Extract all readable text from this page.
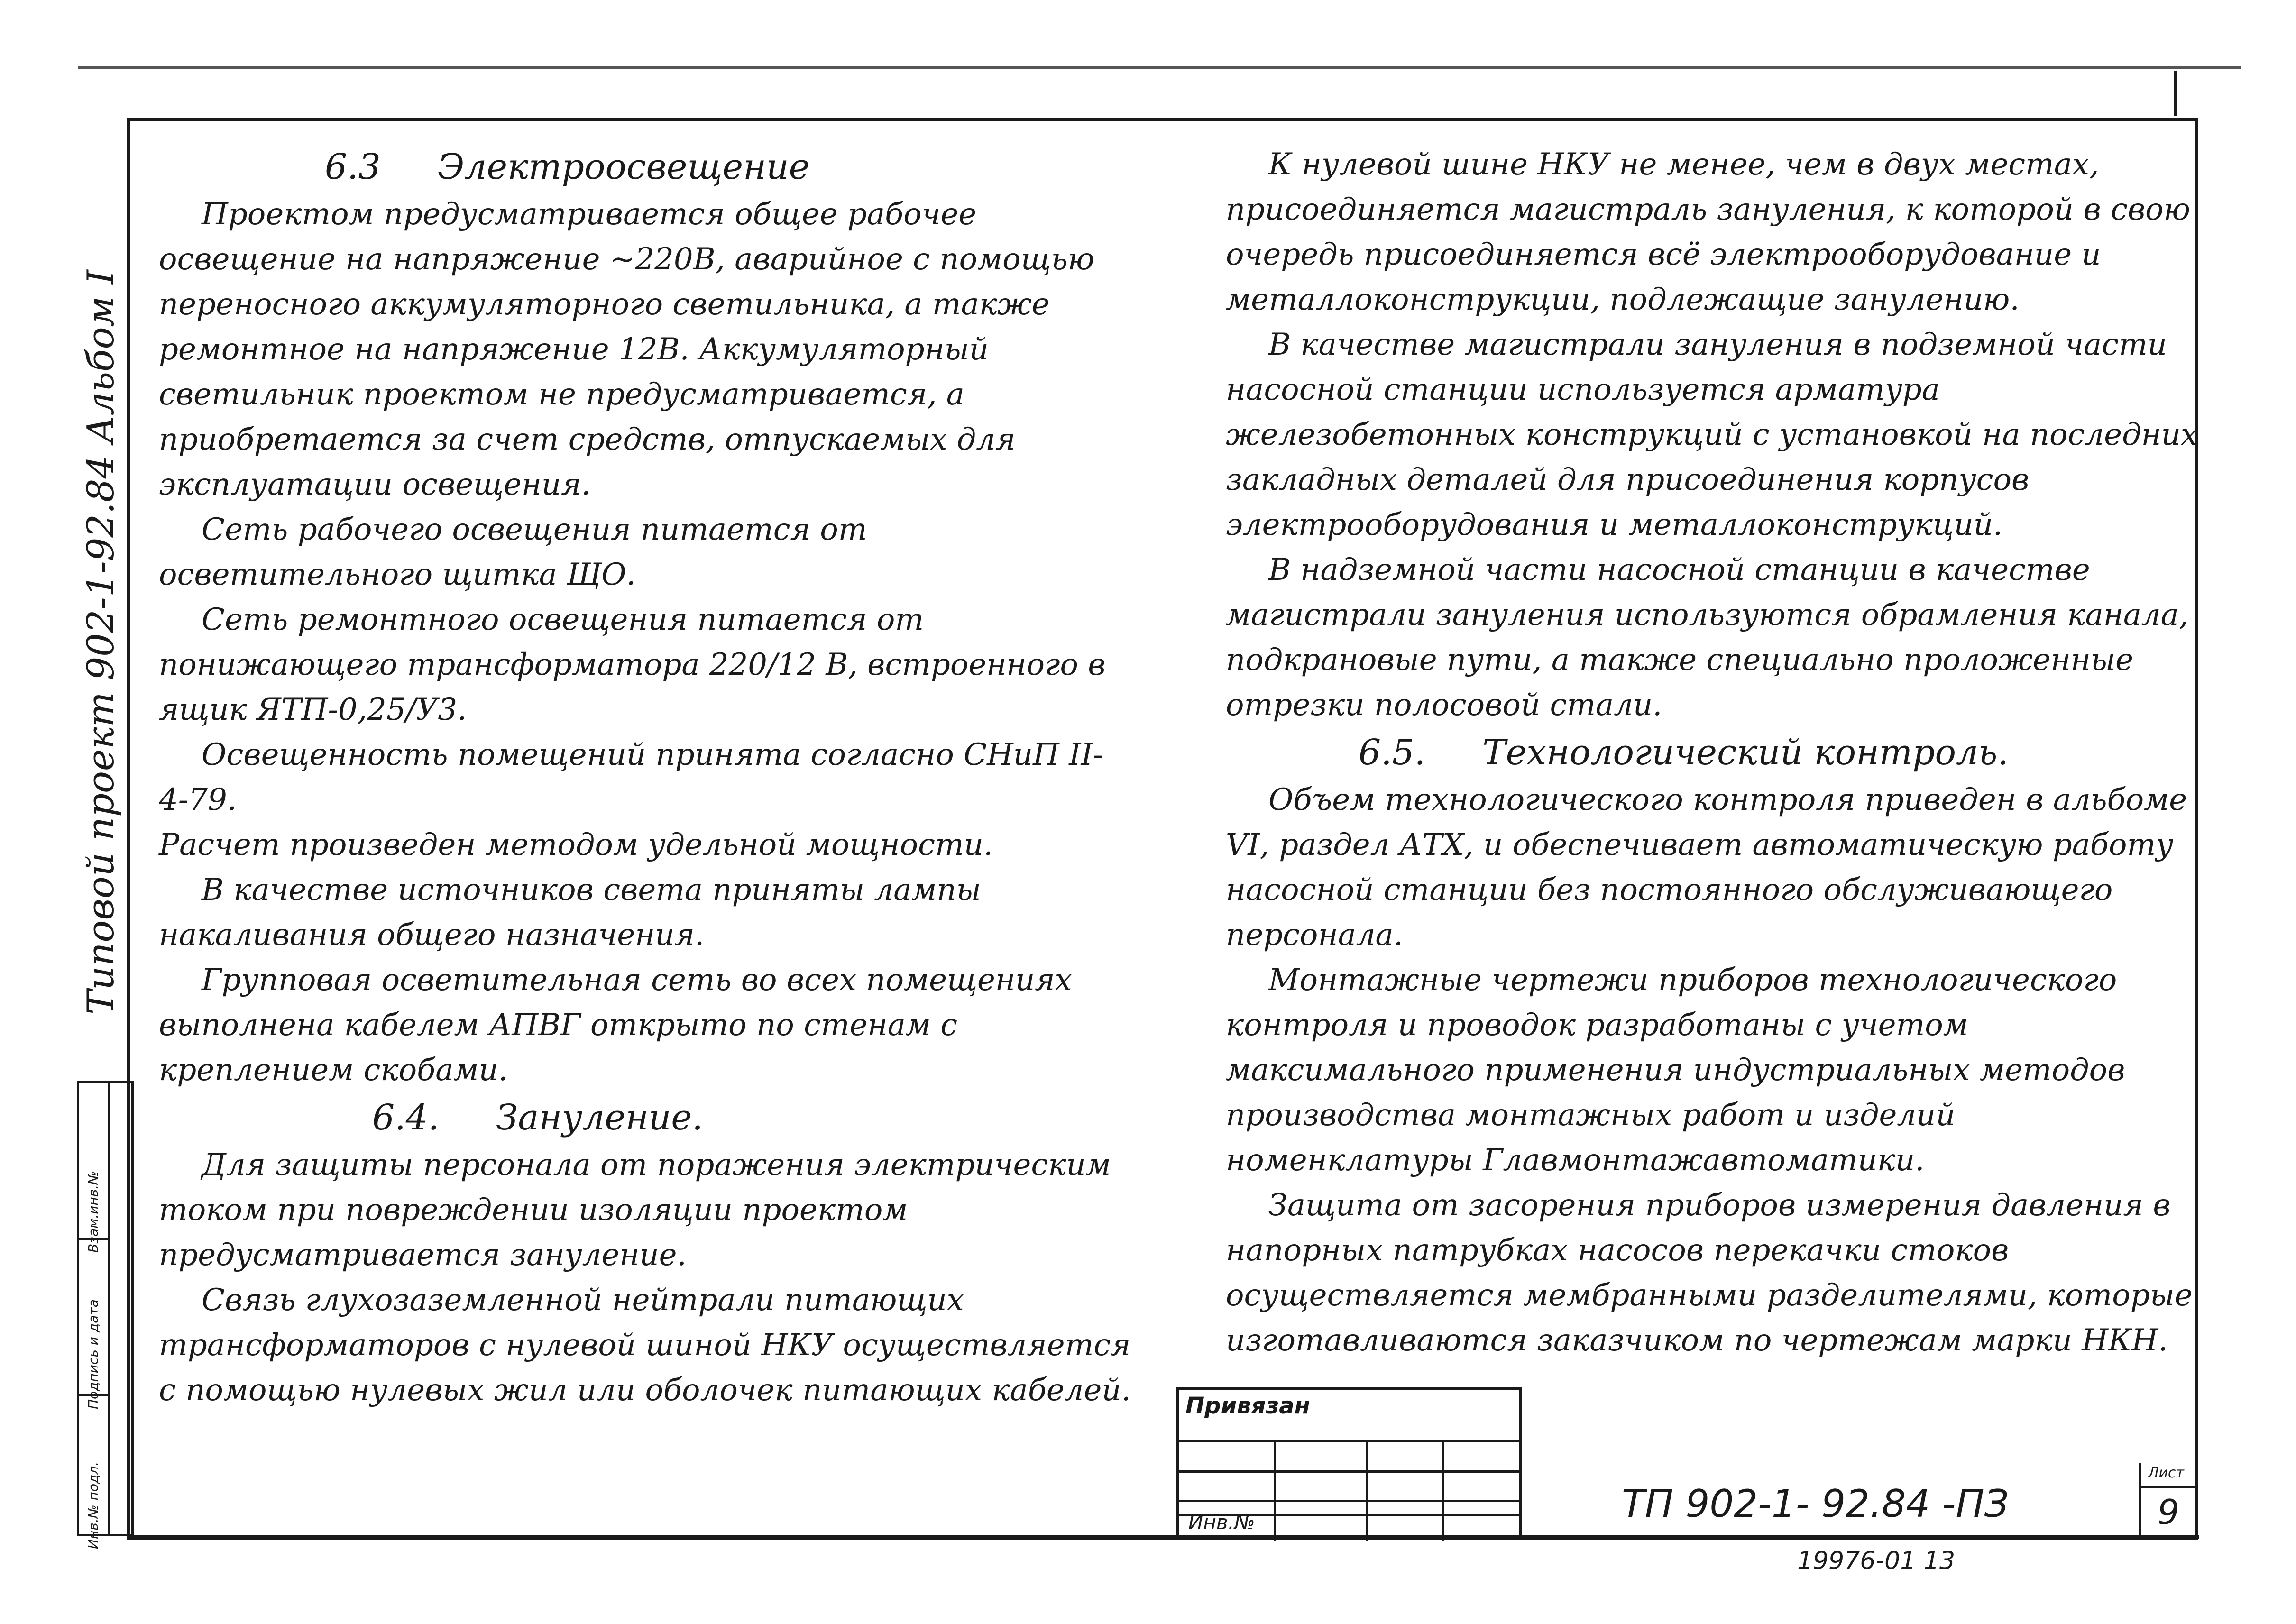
Типовой проект 902-1-92.84 Альбом I
Взам.инв.№
Подпись и дата
Инв.№ подл.

6.3 Электроосвещение

Проектом предусматривается общее рабочее освещение на напряжение ~220В, аварийное с помощью переносного аккумуляторного светильника, а также ремонтное на напряжение 12В. Аккумуляторный светильник проектом не предусматривается, а приобретается за счет средств, отпускаемых для эксплуатации освещения.

Сеть рабочего освещения питается от осветительного щитка ЩО.

Сеть ремонтного освещения питается от понижающего трансформатора 220/12 В, встроенного в ящик ЯТП-0,25/У3.

Освещенность помещений принята согласно СНиП II-4-79.

Расчет произведен методом удельной мощности.

В качестве источников света приняты лампы накаливания общего назначения.

Групповая осветительная сеть во всех помещениях выполнена кабелем АПВГ открыто по стенам с креплением скобами.

6.4. Зануление.

Для защиты персонала от поражения электрическим током при повреждении изоляции проектом предусматривается зануление.

Связь глухозаземленной нейтрали питающих трансформаторов с нулевой шиной НКУ осуществляется с помощью нулевых жил или оболочек питающих кабелей.

К нулевой шине НКУ не менее, чем в двух местах, присоединяется магистраль зануления, к которой в свою очередь присоединяется всё электрооборудование и металлоконструкции, подлежащие занулению.

В качестве магистрали зануления в подземной части насосной станции используется арматура железобетонных конструкций с установкой на последних закладных деталей для присоединения корпусов электрооборудования и металлоконструкций.

В надземной части насосной станции в качестве магистрали зануления используются обрамления канала, подкрановые пути, а также специально проложенные отрезки полосовой стали.

6.5. Технологический контроль.

Объем технологического контроля приведен в альбоме VI, раздел АТХ, и обеспечивает автоматическую работу насосной станции без постоянного обслуживающего персонала.

Монтажные чертежи приборов технологического контроля и проводок разработаны с учетом максимального применения индустриальных методов производства монтажных работ и изделий номенклатуры Главмонтажавтоматики.

Защита от засорения приборов измерения давления в напорных патрубках насосов перекачки стоков осуществляется мембранными разделителями, которые изготавливаются заказчиком по чертежам марки НКН.

Привязан
Инв.№	ТП 902-1- 92.84 -ПЗ
Лист
9
19976-01 13
